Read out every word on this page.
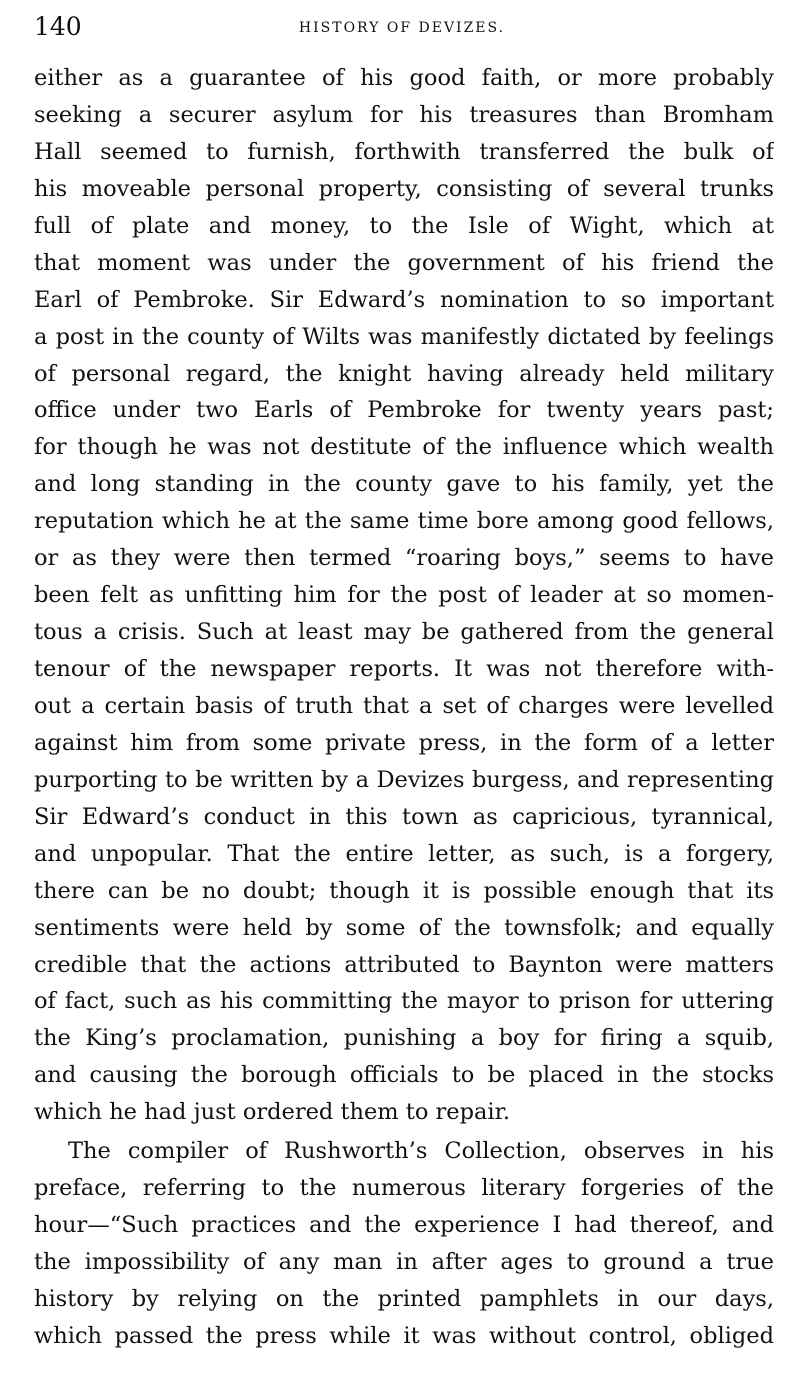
140	HISTORY OF DEVIZES.
either as a guarantee of his good faith, or more probably
seeking a securer asylum for his treasures than Bromham
Hall seemed to furnish, forthwith transferred the bulk of
his moveable personal property, consisting of several trunks
full of plate and money, to the Isle of Wight, which at
that moment was under the government of his friend the
Earl of Pembroke. Sir Edward’s nomination to so important
a post in the county of Wilts was manifestly dictated by feelings
of personal regard, the knight having already held military
office under two Earls of Pembroke for twenty years past;
for though he was not destitute of the influence which wealth
and long standing in the county gave to his family, yet the
reputation which he at the same time bore among good fellows,
or as they were then termed “roaring boys,” seems to have
been felt as unfitting him for the post of leader at so momen-
tous a crisis. Such at least may be gathered from the general
tenour of the newspaper reports. It was not therefore with-
out a certain basis of truth that a set of charges were levelled
against him from some private press, in the form of a letter
purporting to be written by a Devizes burgess, and representing
Sir Edward’s conduct in this town as capricious, tyrannical,
and unpopular. That the entire letter, as such, is a forgery,
there can be no doubt; though it is possible enough that its
sentiments were held by some of the townsfolk; and equally
credible that the actions attributed to Baynton were matters
of fact, such as his committing the mayor to prison for uttering
the King’s proclamation, punishing a boy for firing a squib,
and causing the borough officials to be placed in the stocks
which he had just ordered them to repair.
The compiler of Rushworth’s Collection, observes in his
preface, referring to the numerous literary forgeries of the
hour—“Such practices and the experience I had thereof, and
the impossibility of any man in after ages to ground a true
history by relying on the printed pamphlets in our days,
which passed the press while it was without control, obliged
